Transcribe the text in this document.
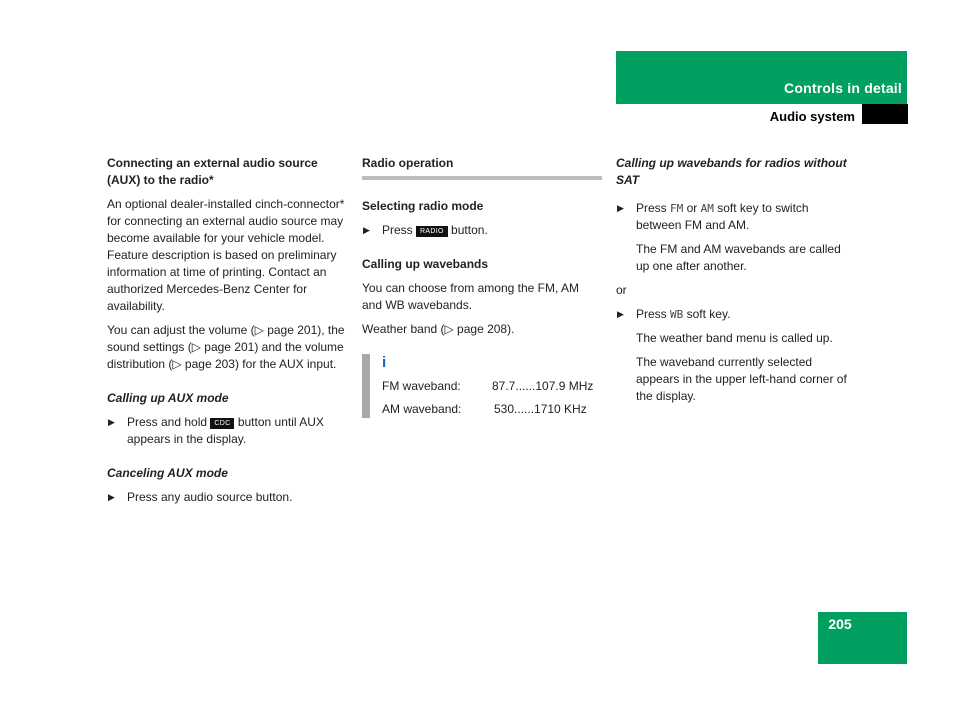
Controls in detail
Audio system
Connecting an external audio source (AUX) to the radio*

An optional dealer-installed cinch-connector* for connecting an external audio source may become available for your vehicle model. Feature description is based on preliminary information at time of printing. Contact an authorized Mercedes-Benz Center for availability.

You can adjust the volume (▷ page 201), the sound settings (▷ page 201) and the volume distribution (▷ page 203) for the AUX input.

Calling up AUX mode
▶ Press and hold CDC button until AUX appears in the display.
Canceling AUX mode
▶ Press any audio source button.
Radio operation
Selecting radio mode
▶ Press RADIO button.
Calling up wavebands

You can choose from among the FM, AM and WB wavebands.

Weather band (▷ page 208).

i
FM waveband:	87.7......107.9 MHz
AM waveband:	530......1710 KHz
Calling up wavebands for radios without SAT
▶ Press FM or AM soft key to switch between FM and AM.

The FM and AM wavebands are called up one after another.

or

▶ Press WB soft key.

The weather band menu is called up.

The waveband currently selected appears in the upper left-hand corner of the display.

205
